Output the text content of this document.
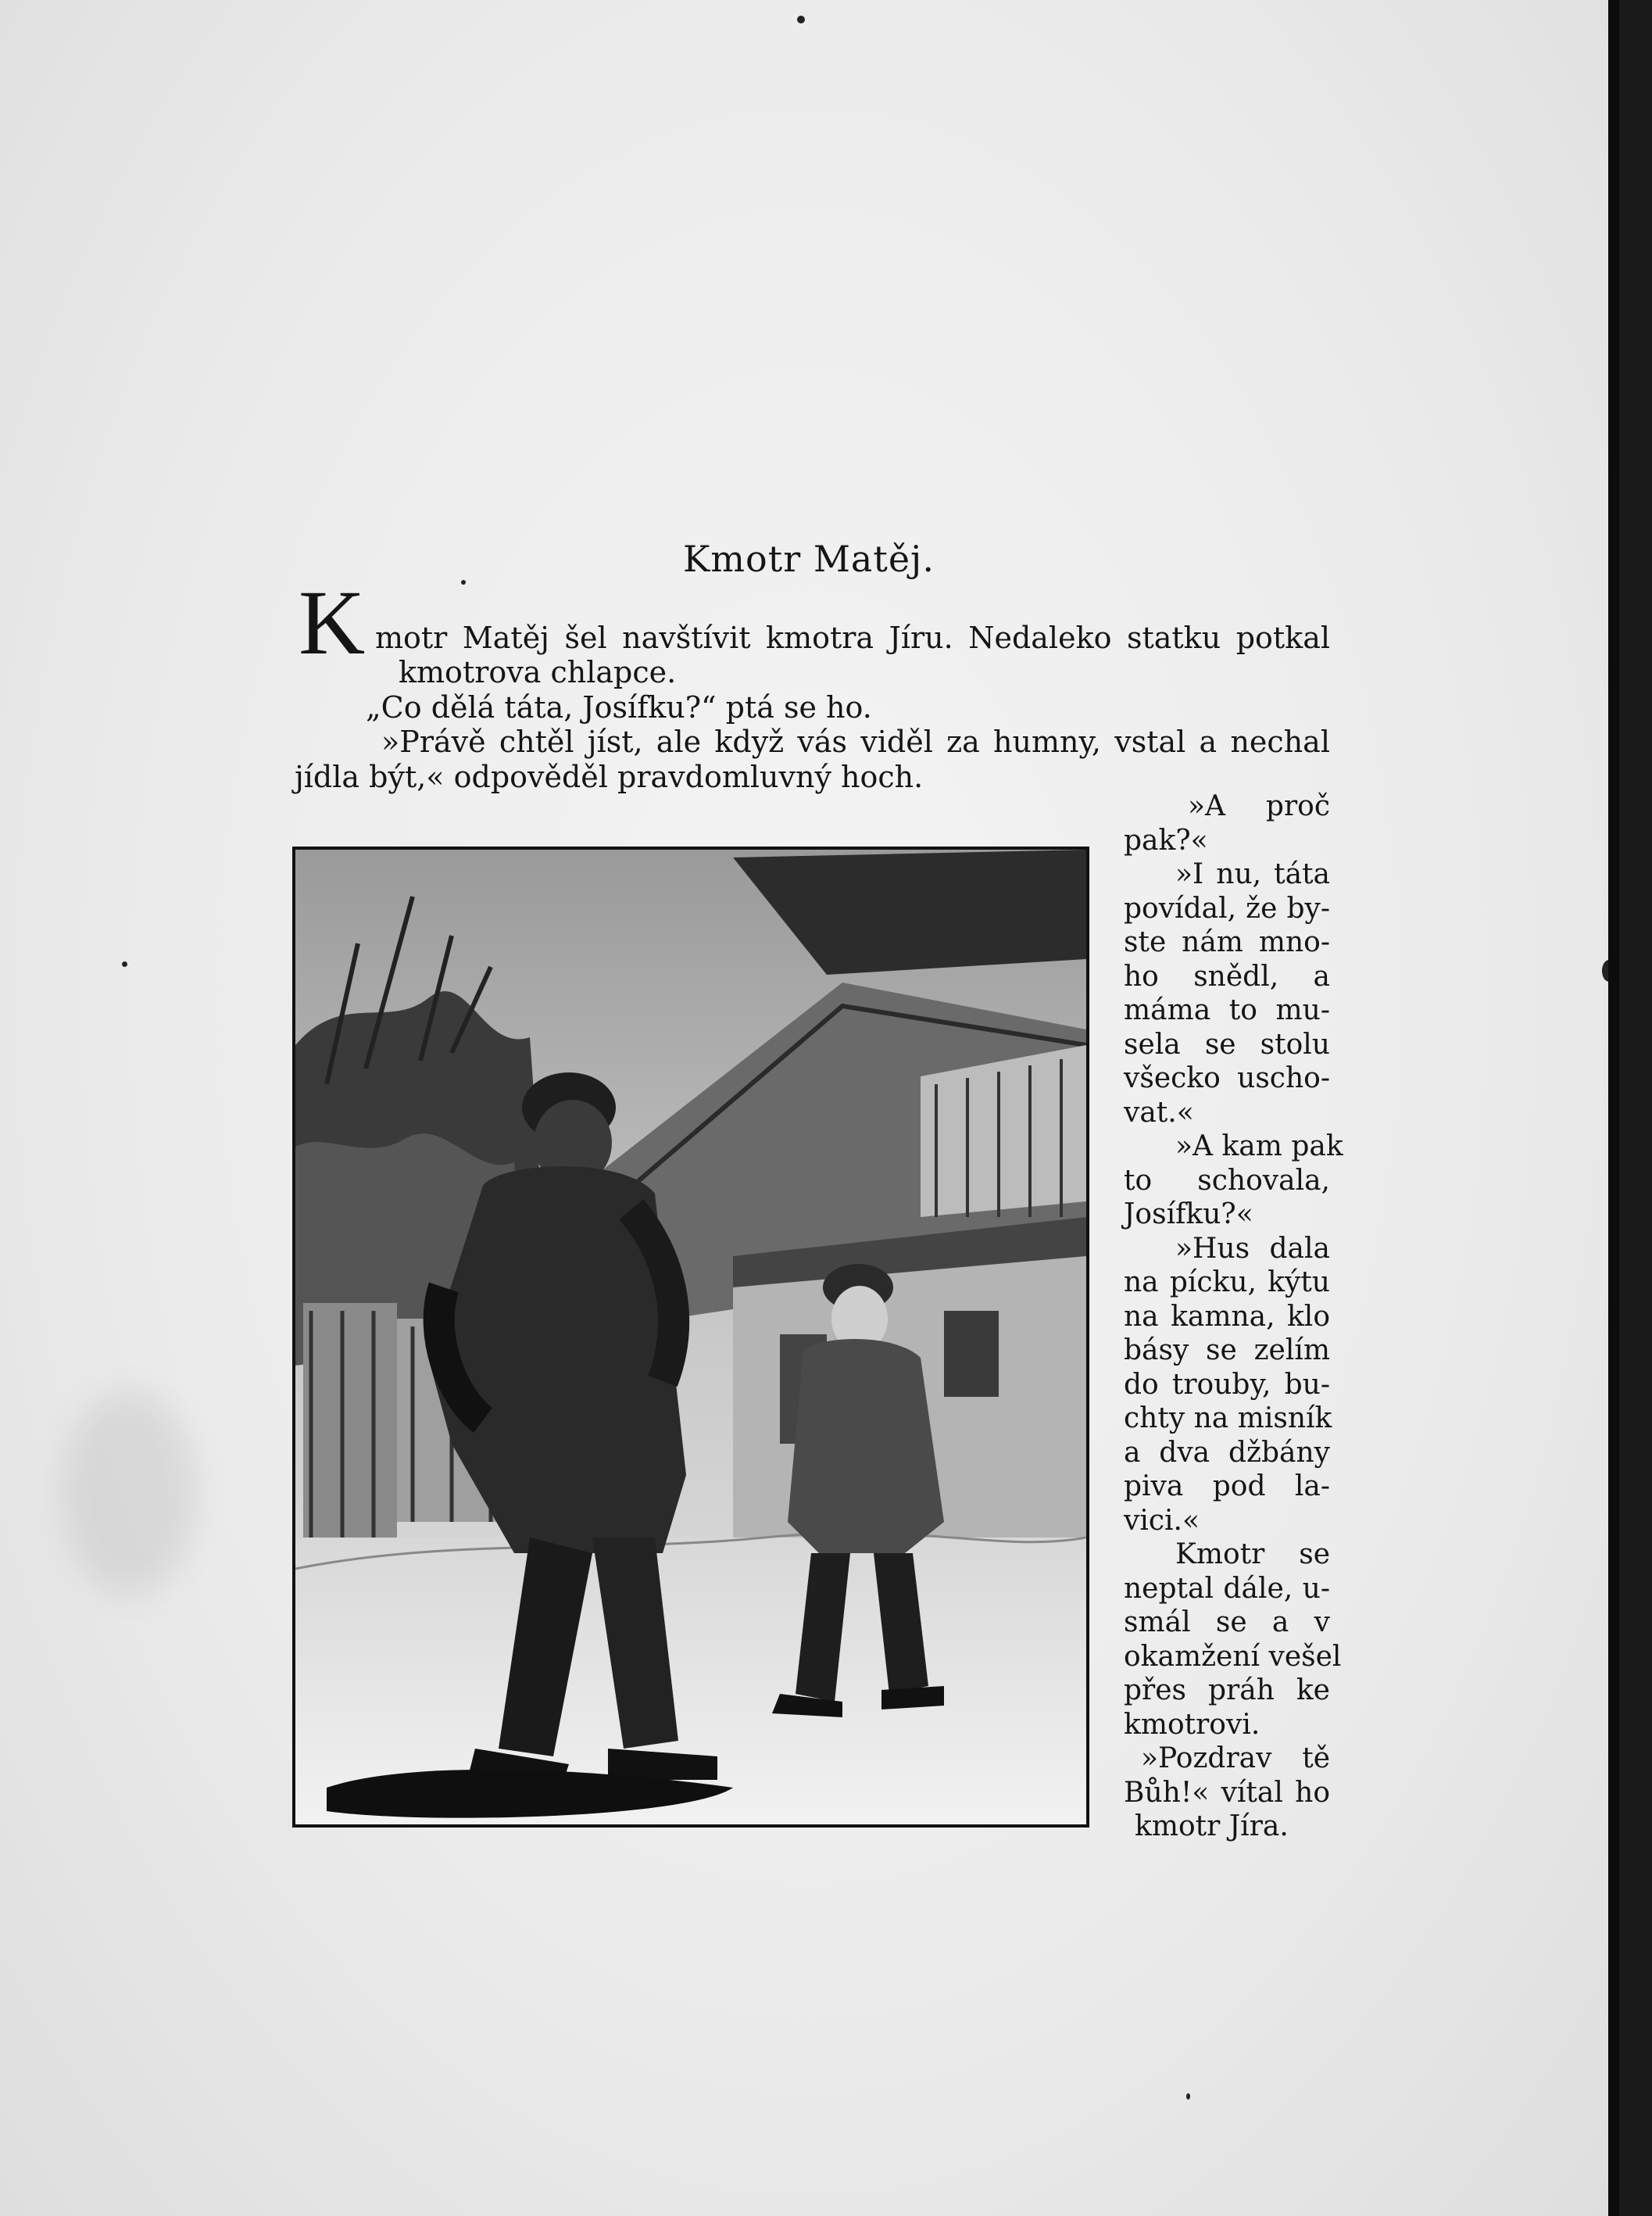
Kmotr Matěj.
K motr Matěj šel navštívit kmotra Jíru. Nedaleko statku potkal
kmotrova chlapce.
„Co dělá táta, Josífku?“ ptá se ho.
»Právě chtěl jíst, ale když vás viděl za humny, vstal a nechal
jídla být,« odpověděl pravdomluvný hoch.
»A proč
pak?«
»I nu, táta
povídal, že by-
ste nám mno-
ho snědl, a
máma to mu-
sela se stolu
všecko uscho-
vat.«
»A kam pak
to schovala,
Josífku?«
»Hus dala
na pícku, kýtu
na kamna, klo
básy se zelím
do trouby, bu-
chty na misník
a dva džbány
piva pod la-
vici.«
Kmotr se
neptal dále, u-
smál se a v
okamžení vešel
přes práh ke
kmotrovi.
»Pozdrav tě
Bůh!« vítal ho
kmotr Jíra.
